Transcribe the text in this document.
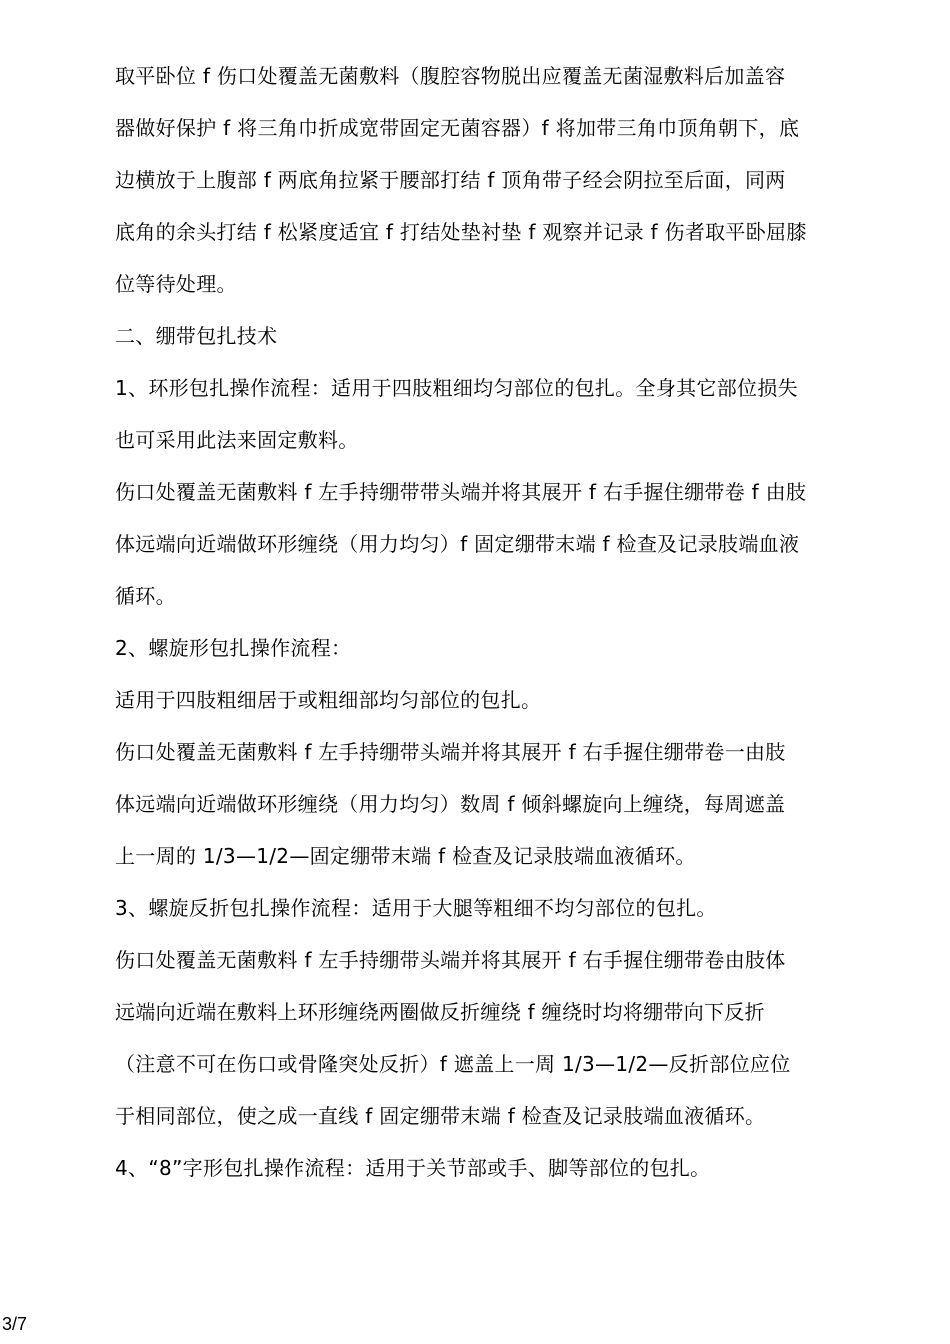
取平卧位 f 伤口处覆盖无菌敷料（腹腔容物脱出应覆盖无菌湿敷料后加盖容
器做好保护 f 将三角巾折成宽带固定无菌容器）f 将加带三角巾顶角朝下，底
边横放于上腹部 f 两底角拉紧于腰部打结 f 顶角带子经会阴拉至后面，同两
底角的余头打结 f 松紧度适宜 f 打结处垫衬垫 f 观察并记录 f 伤者取平卧屈膝
位等待处理。
二、绷带包扎技术
1、环形包扎操作流程：适用于四肢粗细均匀部位的包扎。全身其它部位损失
也可采用此法来固定敷料。
伤口处覆盖无菌敷料 f 左手持绷带带头端并将其展开 f 右手握住绷带卷 f 由肢
体远端向近端做环形缠绕（用力均匀）f 固定绷带末端 f 检查及记录肢端血液
循环。
2、螺旋形包扎操作流程：
适用于四肢粗细居于或粗细部均匀部位的包扎。
伤口处覆盖无菌敷料 f 左手持绷带头端并将其展开 f 右手握住绷带卷一由肢
体远端向近端做环形缠绕（用力均匀）数周 f 倾斜螺旋向上缠绕，每周遮盖
上一周的 1/3—1/2—固定绷带末端 f 检查及记录肢端血液循环。
3、螺旋反折包扎操作流程：适用于大腿等粗细不均匀部位的包扎。
伤口处覆盖无菌敷料 f 左手持绷带头端并将其展开 f 右手握住绷带卷由肢体
远端向近端在敷料上环形缠绕两圈做反折缠绕 f 缠绕时均将绷带向下反折
（注意不可在伤口或骨隆突处反折）f 遮盖上一周 1/3—1/2—反折部位应位
于相同部位，使之成一直线 f 固定绷带末端 f 检查及记录肢端血液循环。
4、“8”字形包扎操作流程：适用于关节部或手、脚等部位的包扎。
3/7
